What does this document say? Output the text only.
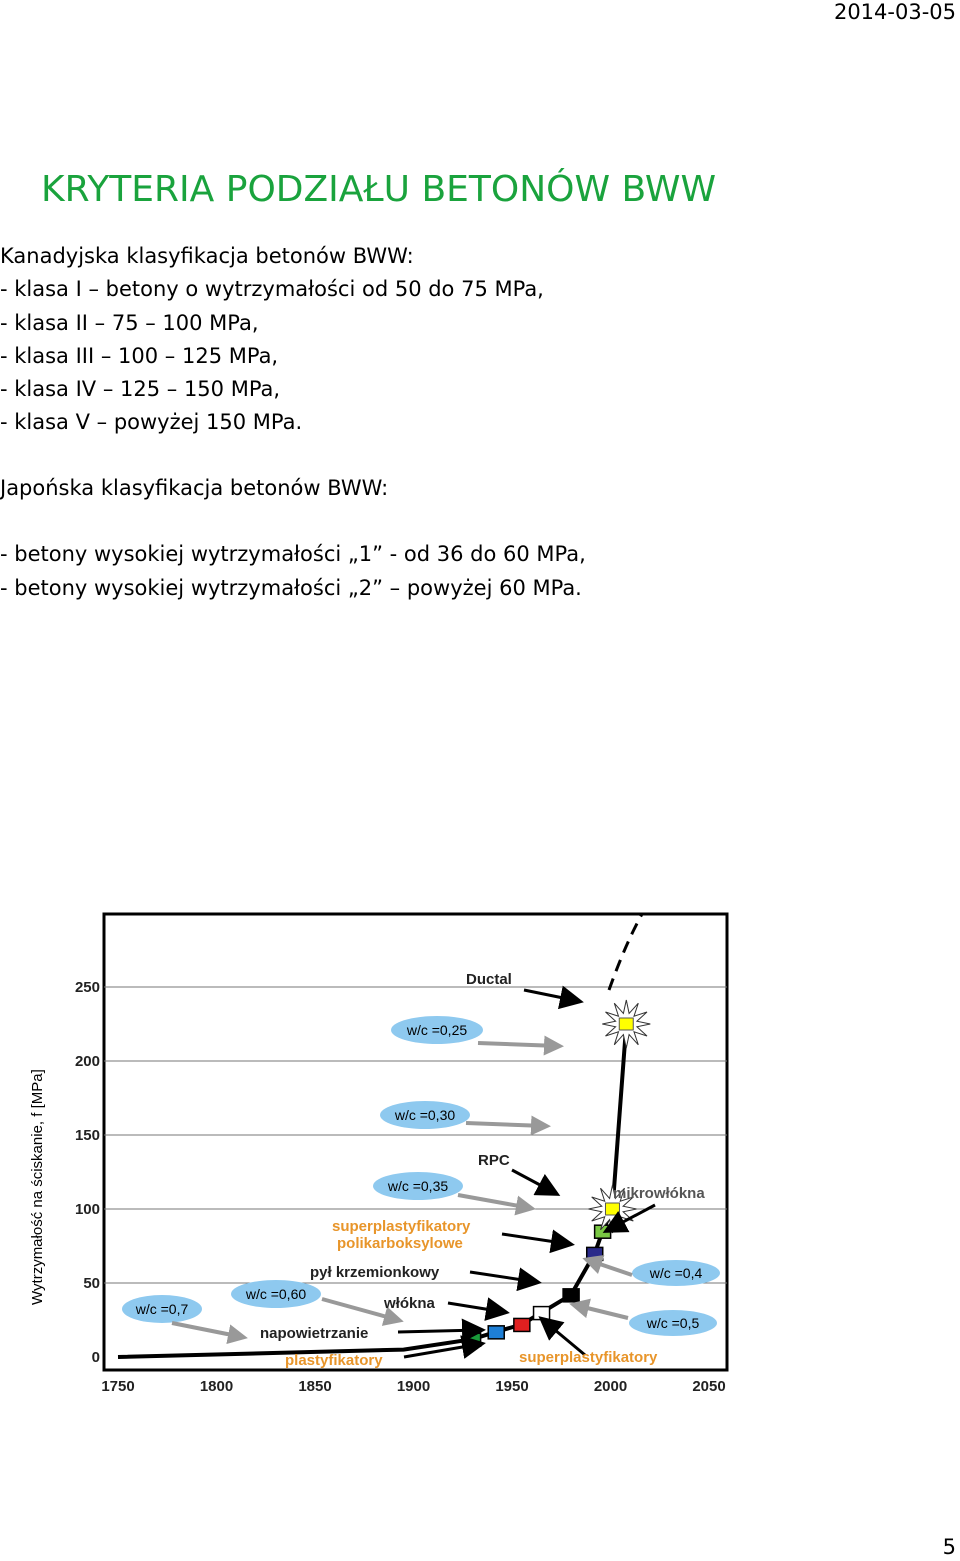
2014-03-05
KRYTERIA PODZIAŁU BETONÓW BWW
Kanadyjska klasyfikacja betonów BWW:
- klasa I – betony o wytrzymałości od 50 do 75 MPa,
- klasa II – 75 – 100 MPa,
- klasa III – 100 – 125 MPa,
- klasa IV – 125 – 150 MPa,
- klasa V – powyżej 150 MPa.
Japońska klasyfikacja betonów BWW:
- betony wysokiej wytrzymałości „1” - od 36 do 60 MPa,
- betony wysokiej wytrzymałości „2” – powyżej 60 MPa.
0
50
100
150
200
250
1750	1800	1850	1900	1950	2000	2050
Wytrzymałość na ściskanie, f [MPa]
w/c =0,25
w/c =0,30
w/c =0,35
w/c =0,60
w/c =0,7
w/c =0,4
w/c =0,5
Ductal
RPC
mikrowłókna
superplastyfikatory
polikarboksylowe
pył krzemionkowy
włókna
napowietrzanie
plastyfikatory	superplastyfikatory
5
